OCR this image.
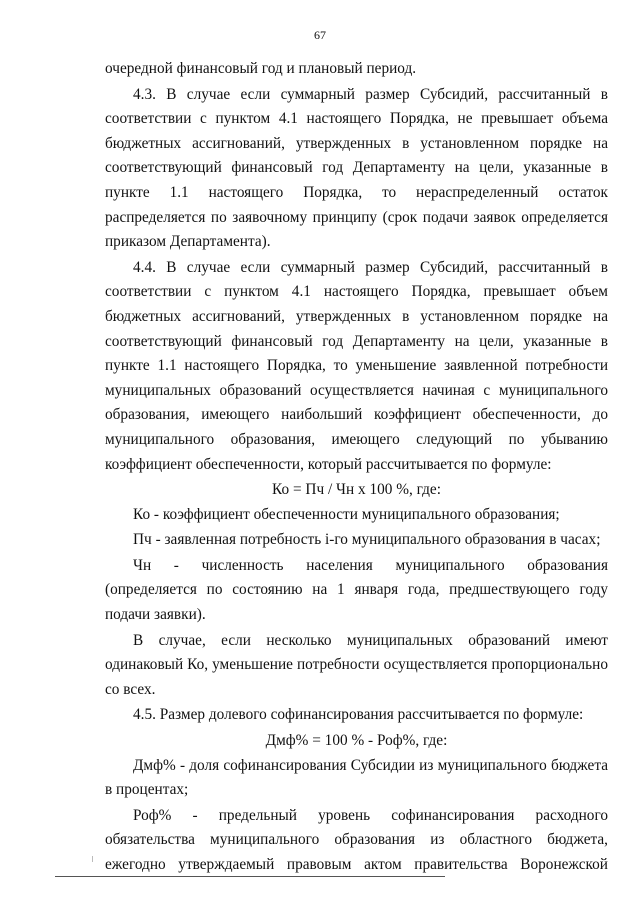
67

очередной финансовый год и плановый период.

4.3. В случае если суммарный размер Субсидий, рассчитанный в соответствии с пунктом 4.1 настоящего Порядка, не превышает объема бюджетных ассигнований, утвержденных в установленном порядке на соответствующий финансовый год Департаменту на цели, указанные в пункте 1.1 настоящего Порядка, то нераспределенный остаток распределяется по заявочному принципу (срок подачи заявок определяется приказом Департамента).

4.4. В случае если суммарный размер Субсидий, рассчитанный в соответствии с пунктом 4.1 настоящего Порядка, превышает объем бюджетных ассигнований, утвержденных в установленном порядке на соответствующий финансовый год Департаменту на цели, указанные в пункте 1.1 настоящего Порядка, то уменьшение заявленной потребности муниципальных образований осуществляется начиная с муниципального образования, имеющего наибольший коэффициент обеспеченности, до муниципального образования, имеющего следующий по убыванию коэффициент обеспеченности, который рассчитывается по формуле:

Ко = Пч / Чн х 100 %, где:

Ко - коэффициент обеспеченности муниципального образования;

Пч - заявленная потребность i-го муниципального образования в часах;

Чн - численность населения муниципального образования (определяется по состоянию на 1 января года, предшествующего году подачи заявки).

В случае, если несколько муниципальных образований имеют одинаковый Ко, уменьшение потребности осуществляется пропорционально со всех.

4.5. Размер долевого софинансирования рассчитывается по формуле:

Дмф% = 100 % - Роф%, где:

Дмф% - доля софинансирования Субсидии из муниципального бюджета в процентах;

Роф% - предельный уровень софинансирования расходного обязательства муниципального образования из областного бюджета, ежегодно утверждаемый правовым актом правительства Воронежской
